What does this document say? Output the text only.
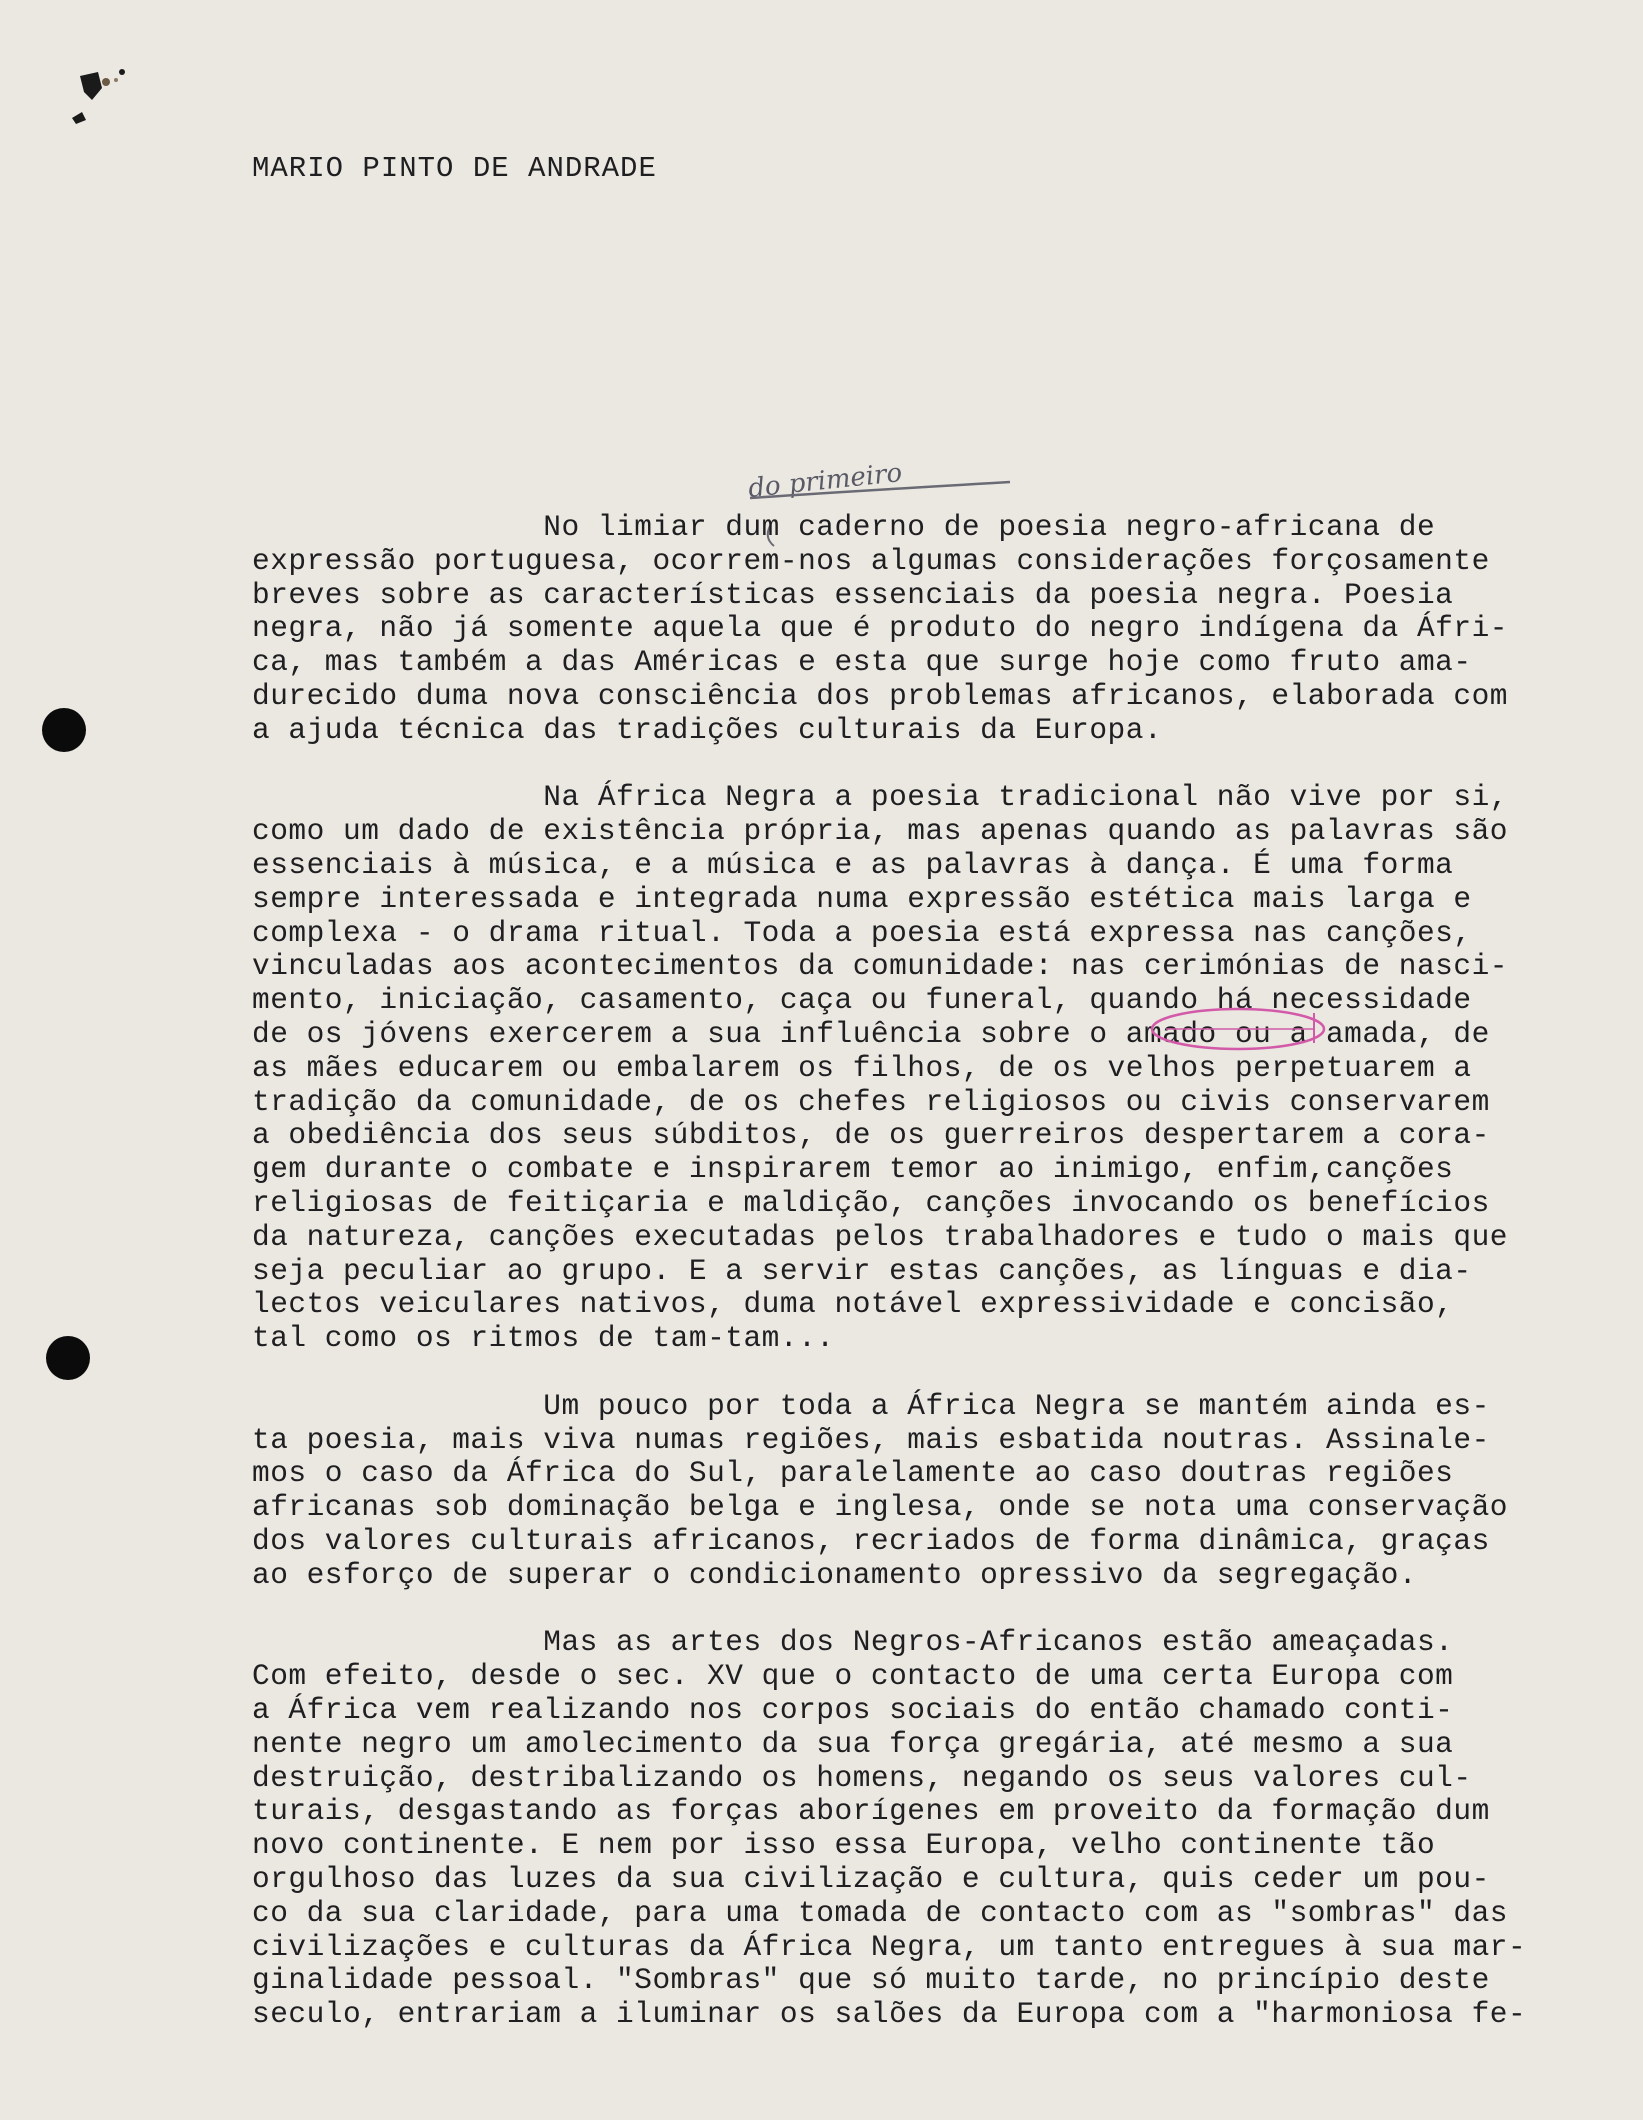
MARIO PINTO DE ANDRADE
do primeiro
No limiar dum caderno de poesia negro-africana de
expressão portuguesa, ocorrem-nos algumas considerações forçosamente
breves sobre as características essenciais da poesia negra. Poesia
negra, não já somente aquela que é produto do negro indígena da Áfri-
ca, mas também a das Américas e esta que surge hoje como fruto ama-
durecido duma nova consciência dos problemas africanos, elaborada com
a ajuda técnica das tradições culturais da Europa.
Na África Negra a poesia tradicional não vive por si,
como um dado de existência própria, mas apenas quando as palavras são
essenciais à música, e a música e as palavras à dança. É uma forma
sempre interessada e integrada numa expressão estética mais larga e
complexa - o drama ritual. Toda a poesia está expressa nas canções,
vinculadas aos acontecimentos da comunidade: nas cerimónias de nasci-
mento, iniciação, casamento, caça ou funeral, quando há necessidade
de os jóvens exercerem a sua influência sobre o amado ou a amada, de
as mães educarem ou embalarem os filhos, de os velhos perpetuarem a
tradição da comunidade, de os chefes religiosos ou civis conservarem
a obediência dos seus súbditos, de os guerreiros despertarem a cora-
gem durante o combate e inspirarem temor ao inimigo, enfim,canções
religiosas de feitiçaria e maldição, canções invocando os benefícios
da natureza, canções executadas pelos trabalhadores e tudo o mais que
seja peculiar ao grupo. E a servir estas canções, as línguas e dia-
lectos veiculares nativos, duma notável expressividade e concisão,
tal como os ritmos de tam-tam...
Um pouco por toda a África Negra se mantém ainda es-
ta poesia, mais viva numas regiões, mais esbatida noutras. Assinale-
mos o caso da África do Sul, paralelamente ao caso doutras regiões
africanas sob dominação belga e inglesa, onde se nota uma conservação
dos valores culturais africanos, recriados de forma dinâmica, graças
ao esforço de superar o condicionamento opressivo da segregação.
Mas as artes dos Negros-Africanos estão ameaçadas.
Com efeito, desde o sec. XV que o contacto de uma certa Europa com
a África vem realizando nos corpos sociais do então chamado conti-
nente negro um amolecimento da sua força gregária, até mesmo a sua
destruição, destribalizando os homens, negando os seus valores cul-
turais, desgastando as forças aborígenes em proveito da formação dum
novo continente. E nem por isso essa Europa, velho continente tão
orgulhoso das luzes da sua civilização e cultura, quis ceder um pou-
co da sua claridade, para uma tomada de contacto com as "sombras" das
civilizações e culturas da África Negra, um tanto entregues à sua mar-
ginalidade pessoal. "Sombras" que só muito tarde, no princípio deste
seculo, entrariam a iluminar os salões da Europa com a "harmoniosa fe-
